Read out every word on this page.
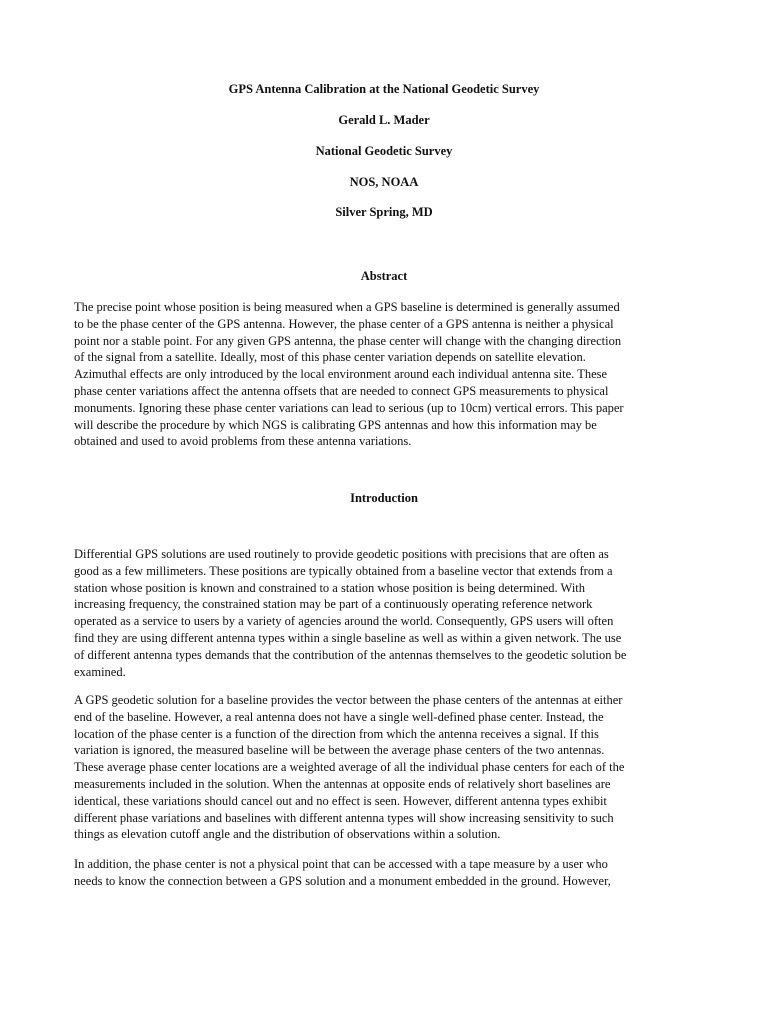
GPS Antenna Calibration at the National Geodetic Survey
Gerald L. Mader
National Geodetic Survey
NOS, NOAA
Silver Spring, MD
Abstract
The precise point whose position is being measured when a GPS baseline is determined is generally assumed
to be the phase center of the GPS antenna. However, the phase center of a GPS antenna is neither a physical
point nor a stable point. For any given GPS antenna, the phase center will change with the changing direction
of the signal from a satellite. Ideally, most of this phase center variation depends on satellite elevation.
Azimuthal effects are only introduced by the local environment around each individual antenna site. These
phase center variations affect the antenna offsets that are needed to connect GPS measurements to physical
monuments. Ignoring these phase center variations can lead to serious (up to 10cm) vertical errors. This paper
will describe the procedure by which NGS is calibrating GPS antennas and how this information may be
obtained and used to avoid problems from these antenna variations.
Introduction
Differential GPS solutions are used routinely to provide geodetic positions with precisions that are often as
good as a few millimeters. These positions are typically obtained from a baseline vector that extends from a
station whose position is known and constrained to a station whose position is being determined. With
increasing frequency, the constrained station may be part of a continuously operating reference network
operated as a service to users by a variety of agencies around the world. Consequently, GPS users will often
find they are using different antenna types within a single baseline as well as within a given network. The use
of different antenna types demands that the contribution of the antennas themselves to the geodetic solution be
examined.
A GPS geodetic solution for a baseline provides the vector between the phase centers of the antennas at either
end of the baseline. However, a real antenna does not have a single well-defined phase center. Instead, the
location of the phase center is a function of the direction from which the antenna receives a signal. If this
variation is ignored, the measured baseline will be between the average phase centers of the two antennas.
These average phase center locations are a weighted average of all the individual phase centers for each of the
measurements included in the solution. When the antennas at opposite ends of relatively short baselines are
identical, these variations should cancel out and no effect is seen. However, different antenna types exhibit
different phase variations and baselines with different antenna types will show increasing sensitivity to such
things as elevation cutoff angle and the distribution of observations within a solution.
In addition, the phase center is not a physical point that can be accessed with a tape measure by a user who
needs to know the connection between a GPS solution and a monument embedded in the ground. However,
